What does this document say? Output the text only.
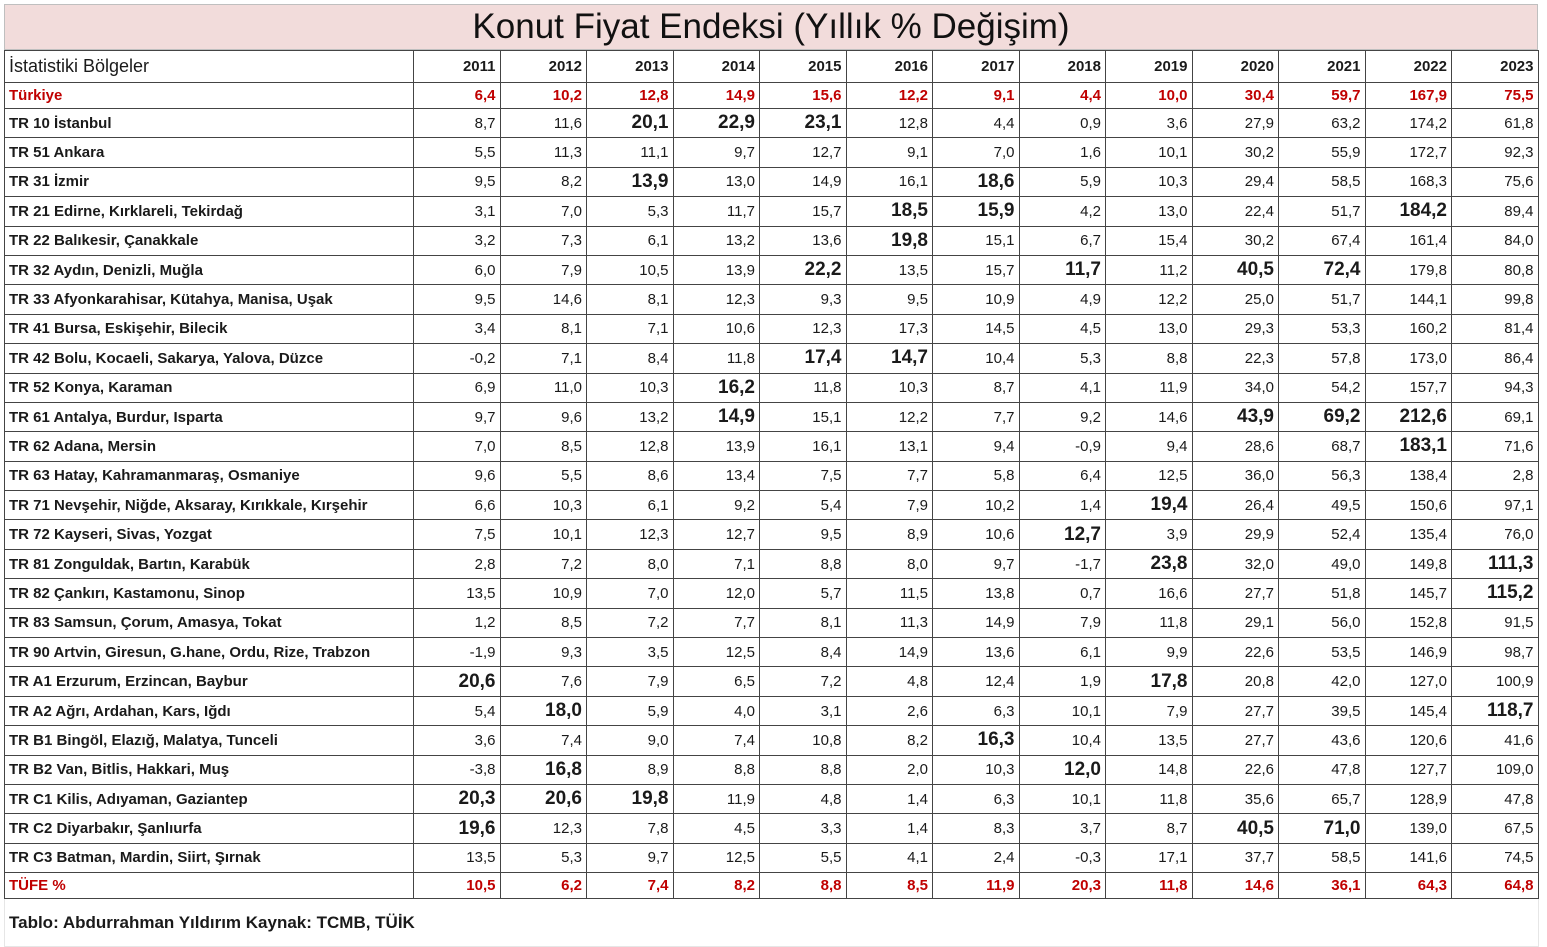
Konut Fiyat Endeksi (Yıllık % Değişim)
İstatistiki Bölgeler	2011	2012	2013	2014	2015	2016	2017	2018	2019	2020	2021	2022	2023
Türkiye	6,4	10,2	12,8	14,9	15,6	12,2	9,1	4,4	10,0	30,4	59,7	167,9	75,5
TR 10 İstanbul	8,7	11,6	20,1	22,9	23,1	12,8	4,4	0,9	3,6	27,9	63,2	174,2	61,8
TR 51 Ankara	5,5	11,3	11,1	9,7	12,7	9,1	7,0	1,6	10,1	30,2	55,9	172,7	92,3
TR 31 İzmir	9,5	8,2	13,9	13,0	14,9	16,1	18,6	5,9	10,3	29,4	58,5	168,3	75,6
TR 21 Edirne, Kırklareli, Tekirdağ	3,1	7,0	5,3	11,7	15,7	18,5	15,9	4,2	13,0	22,4	51,7	184,2	89,4
TR 22 Balıkesir, Çanakkale	3,2	7,3	6,1	13,2	13,6	19,8	15,1	6,7	15,4	30,2	67,4	161,4	84,0
TR 32 Aydın, Denizli, Muğla	6,0	7,9	10,5	13,9	22,2	13,5	15,7	11,7	11,2	40,5	72,4	179,8	80,8
TR 33 Afyonkarahisar, Kütahya, Manisa, Uşak	9,5	14,6	8,1	12,3	9,3	9,5	10,9	4,9	12,2	25,0	51,7	144,1	99,8
TR 41 Bursa, Eskişehir, Bilecik	3,4	8,1	7,1	10,6	12,3	17,3	14,5	4,5	13,0	29,3	53,3	160,2	81,4
TR 42 Bolu, Kocaeli, Sakarya, Yalova, Düzce	-0,2	7,1	8,4	11,8	17,4	14,7	10,4	5,3	8,8	22,3	57,8	173,0	86,4
TR 52 Konya, Karaman	6,9	11,0	10,3	16,2	11,8	10,3	8,7	4,1	11,9	34,0	54,2	157,7	94,3
TR 61 Antalya, Burdur, Isparta	9,7	9,6	13,2	14,9	15,1	12,2	7,7	9,2	14,6	43,9	69,2	212,6	69,1
TR 62 Adana, Mersin	7,0	8,5	12,8	13,9	16,1	13,1	9,4	-0,9	9,4	28,6	68,7	183,1	71,6
TR 63 Hatay, Kahramanmaraş, Osmaniye	9,6	5,5	8,6	13,4	7,5	7,7	5,8	6,4	12,5	36,0	56,3	138,4	2,8
TR 71 Nevşehir, Niğde, Aksaray, Kırıkkale, Kırşehir	6,6	10,3	6,1	9,2	5,4	7,9	10,2	1,4	19,4	26,4	49,5	150,6	97,1
TR 72 Kayseri, Sivas, Yozgat	7,5	10,1	12,3	12,7	9,5	8,9	10,6	12,7	3,9	29,9	52,4	135,4	76,0
TR 81 Zonguldak, Bartın, Karabük	2,8	7,2	8,0	7,1	8,8	8,0	9,7	-1,7	23,8	32,0	49,0	149,8	111,3
TR 82 Çankırı, Kastamonu, Sinop	13,5	10,9	7,0	12,0	5,7	11,5	13,8	0,7	16,6	27,7	51,8	145,7	115,2
TR 83 Samsun, Çorum, Amasya, Tokat	1,2	8,5	7,2	7,7	8,1	11,3	14,9	7,9	11,8	29,1	56,0	152,8	91,5
TR 90 Artvin, Giresun, G.hane, Ordu, Rize, Trabzon	-1,9	9,3	3,5	12,5	8,4	14,9	13,6	6,1	9,9	22,6	53,5	146,9	98,7
TR A1 Erzurum, Erzincan, Baybur	20,6	7,6	7,9	6,5	7,2	4,8	12,4	1,9	17,8	20,8	42,0	127,0	100,9
TR A2 Ağrı, Ardahan, Kars, Iğdı	5,4	18,0	5,9	4,0	3,1	2,6	6,3	10,1	7,9	27,7	39,5	145,4	118,7
TR B1 Bingöl, Elazığ, Malatya, Tunceli	3,6	7,4	9,0	7,4	10,8	8,2	16,3	10,4	13,5	27,7	43,6	120,6	41,6
TR B2 Van, Bitlis, Hakkari, Muş	-3,8	16,8	8,9	8,8	8,8	2,0	10,3	12,0	14,8	22,6	47,8	127,7	109,0
TR C1 Kilis, Adıyaman, Gaziantep	20,3	20,6	19,8	11,9	4,8	1,4	6,3	10,1	11,8	35,6	65,7	128,9	47,8
TR C2 Diyarbakır, Şanlıurfa	19,6	12,3	7,8	4,5	3,3	1,4	8,3	3,7	8,7	40,5	71,0	139,0	67,5
TR C3 Batman, Mardin, Siirt, Şırnak	13,5	5,3	9,7	12,5	5,5	4,1	2,4	-0,3	17,1	37,7	58,5	141,6	74,5
TÜFE %	10,5	6,2	7,4	8,2	8,8	8,5	11,9	20,3	11,8	14,6	36,1	64,3	64,8
Tablo: Abdurrahman Yıldırım Kaynak: TCMB, TÜİK													
